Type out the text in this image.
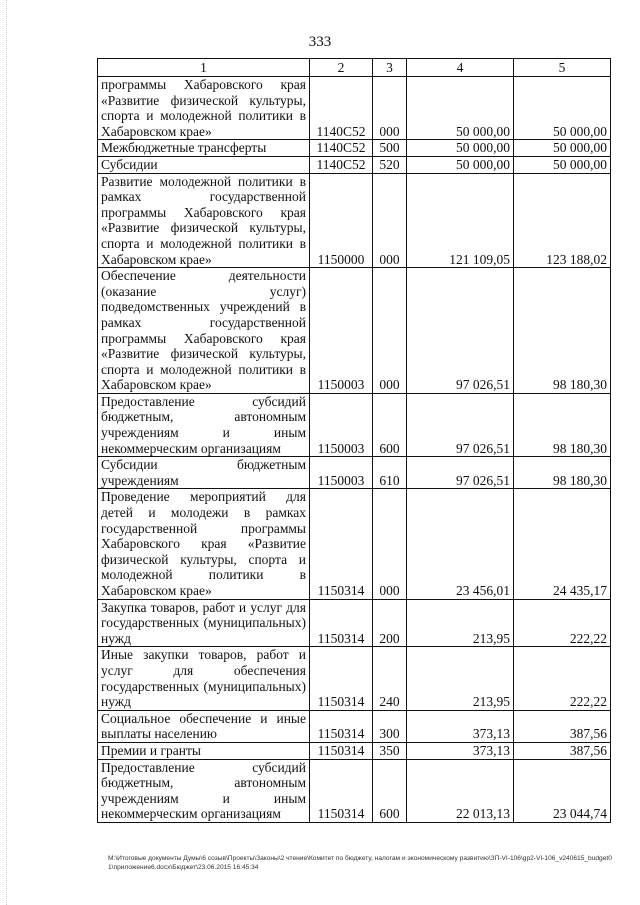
333
1	2	3	4	5
программы Хабаровского края «Развитие физической культуры, спорта и молодежной политики в Хабаровском крае»	1140С52	000	50 000,00	50 000,00
Межбюджетные трансферты	1140С52	500	50 000,00	50 000,00
Субсидии	1140С52	520	50 000,00	50 000,00
Развитие молодежной политики в рамках государственной программы Хабаровского края «Развитие физической культуры, спорта и молодежной политики в Хабаровском крае»	1150000	000	121 109,05	123 188,02
Обеспечение деятельности (оказание услуг) подведомственных учреждений в рамках государственной программы Хабаровского края «Развитие физической культуры, спорта и молодежной политики в Хабаровском крае»	1150003	000	97 026,51	98 180,30
Предоставление субсидий бюджетным, автономным учреждениям и иным некоммерческим организациям	1150003	600	97 026,51	98 180,30
Субсидии бюджетным учреждениям	1150003	610	97 026,51	98 180,30
Проведение мероприятий для детей и молодежи в рамках государственной программы Хабаровского края «Развитие физической культуры, спорта и молодежной политики в Хабаровском крае»	1150314	000	23 456,01	24 435,17
Закупка товаров, работ и услуг для государственных (муниципальных) нужд	1150314	200	213,95	222,22
Иные закупки товаров, работ и услуг для обеспечения государственных (муниципальных) нужд	1150314	240	213,95	222,22
Социальное обеспечение и иные выплаты населению	1150314	300	373,13	387,56
Премии и гранты	1150314	350	373,13	387,56
Предоставление субсидий бюджетным, автономным учреждениям и иным некоммерческим организациям	1150314	600	22 013,13	23 044,74
M:\Итоговые документы Думы\6 созыв\Проекты\Законы\2 чтение\Комитет по бюджету, налогам и экономическому развитию\ЗП-VI-106\gp2-VI-106_v240615_budget01\приложение6.docx\Бюджет\23.06.2015 16:45:34
